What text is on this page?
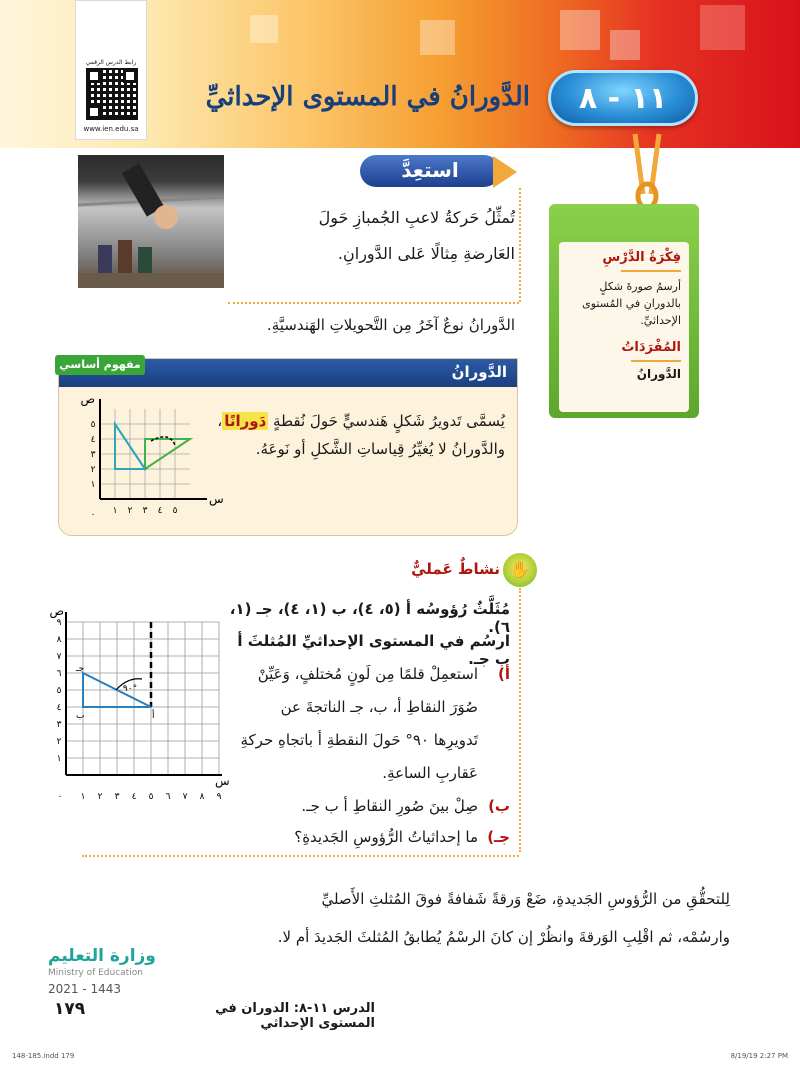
رابط الدرس الرقمي
www.ien.edu.sa
الدَّورانُ في المستوى الإحداثيِّ	١١ - ٨
استعِدَّ
تُمثِّلُ حَركةُ لاعبِ الجُمبازِ حَولَ
العَارضةِ مِثالًا عَلى الدَّورانِ.
الدَّورانُ نوعٌ آخَرُ مِن التَّحويلاتِ الهَندسيَّةِ.
فِكْرَةُ الدَّرْسِ
أرسمُ صورةَ شكلٍ بالدورانِ في المُستوى الإحداثيِّ.
المُفْرَدَاتُ
الدَّورانُ
الدَّورانُ
مفهوم أساسي
يُسمَّى تَدويرُ شَكلٍ هَندسيٍّ حَولَ نُقطةٍ دَورانًا،
والدَّورانُ لا يُغيِّرُ قِياساتِ الشَّكلِ أو نَوعَهُ.
ص
س
٠ ١ ٢ ٣ ٤ ٥
١
٢
٣
٤
٥
✋
نشاطٌ عَمليٌّ
مُثَلَّثٌ رُؤوسُه أ (٥، ٤)، ب (١، ٤)، جـ (١، ٦).
ارسُم في المستوى الإحداثيِّ المُثلثَ أ ب جـ.
أ)
استعمِلْ قلمًا مِن لَونٍ مُختلفٍ، وَعَيِّنْ
صُوَرَ النقاطِ أ، ب، جـ الناتجةَ عن
تَدويرِها ٩٠° حَولَ النقطةِ أ باتجاهِ حركةِ
عَقاربِ الساعةِ.
ب)
صِلْ بينَ صُورِ النقاطِ أ ب جـ.
جـ)
ما إحداثياتُ الرُّؤوسِ الجَديدةِ؟
٩٠°
جـ
ب	أ
ص
س
٠ ١ ٢ ٣ ٤ ٥ ٦ ٧ ٨ ٩
١
٢
٣
٤
٥
٦
٧
٨
٩
لِلتحقُّقِ من الرُّؤوسِ الجَديدةِ، ضَعْ وَرقةً شَفافةً فوقَ المُثلثِ الأَصليِّ
وارسُمْه، ثم اقْلِبِ الوَرقةَ وانظُرْ إن كانَ الرسْمُ يُطابقُ المُثلثَ الجَديدَ أم لا.
وزارة التعليم
Ministry of Education
2021 - 1443
١٧٩	الدرس ١١-٨: الدوران في المستوى الإحداثي
148-185.indd 179	8/19/19 2:27 PM
